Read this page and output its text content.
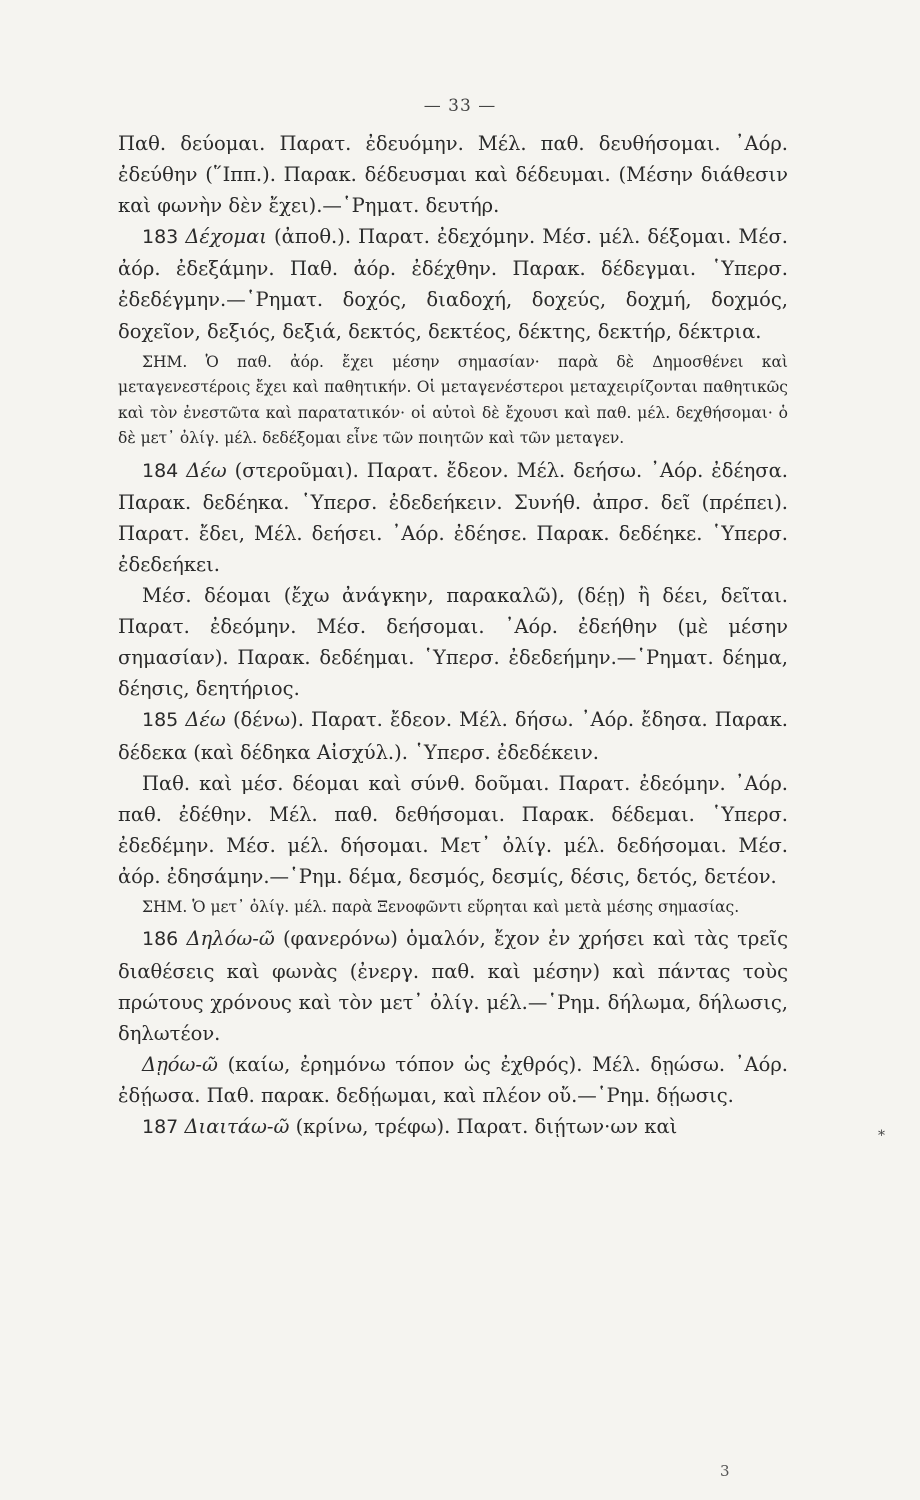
— 33 —

Παθ. δεύομαι. Παρατ. ἐδευόμην. Μέλ. παθ. δευθήσομαι. ᾿Αόρ. ἐδεύθην (῞Ιππ.). Παρακ. δέδευσμαι καὶ δέδευμαι. (Μέσην διάθεσιν καὶ φωνὴν δὲν ἔχει).—῾Ρηματ. δευτήρ.

183 Δέχομαι (ἀποθ.). Παρατ. ἐδεχόμην. Μέσ. μέλ. δέξομαι. Μέσ. ἀόρ. ἐδεξάμην. Παθ. ἀόρ. ἐδέχθην. Παρακ. δέδεγμαι. ῾Υπερσ. ἐδεδέγμην.—῾Ρηματ. δοχός, διαδοχή, δοχεύς, δοχμή, δοχμός, δοχεῖον, δεξιός, δεξιά, δεκτός, δεκτέος, δέκτης, δεκτήρ, δέκτρια.

ΣΗΜ. Ὁ παθ. ἀόρ. ἔχει μέσην σημασίαν· παρὰ δὲ Δημοσθένει καὶ μεταγενεστέροις ἔχει καὶ παθητικήν. Οἱ μεταγενέστεροι μεταχειρίζονται παθητικῶς καὶ τὸν ἐνεστῶτα καὶ παρατατικόν· οἱ αὐτοὶ δὲ ἔχουσι καὶ παθ. μέλ. δεχθήσομαι· ὁ δὲ μετ᾿ ὀλίγ. μέλ. δεδέξομαι εἶνε τῶν ποιητῶν καὶ τῶν μεταγεν.

184 Δέω (στεροῦμαι). Παρατ. ἔδεον. Μέλ. δεήσω. ᾿Αόρ. ἐδέησα. Παρακ. δεδέηκα. ῾Υπερσ. ἐδεδεήκειν. Συνήθ. ἀπρσ. δεῖ (πρέπει). Παρατ. ἔδει, Μέλ. δεήσει. ᾿Αόρ. ἐδέησε. Παρακ. δεδέηκε. ῾Υπερσ. ἐδεδεήκει.

Μέσ. δέομαι (ἔχω ἀνάγκην, παρακαλῶ), (δέῃ) ἢ δέει, δεῖται. Παρατ. ἐδεόμην. Μέσ. δεήσομαι. ᾿Αόρ. ἐδεήθην (μὲ μέσην σημασίαν). Παρακ. δεδέημαι. ῾Υπερσ. ἐδεδεήμην.—῾Ρηματ. δέημα, δέησις, δεητήριος.

185 Δέω (δένω). Παρατ. ἔδεον. Μέλ. δήσω. ᾿Αόρ. ἔδησα. Παρακ. δέδεκα (καὶ δέδηκα Αἰσχύλ.). ῾Υπερσ. ἐδεδέκειν.

Παθ. καὶ μέσ. δέομαι καὶ σύνθ. δοῦμαι. Παρατ. ἐδεόμην. ᾿Αόρ. παθ. ἐδέθην. Μέλ. παθ. δεθήσομαι. Παρακ. δέδεμαι. ῾Υπερσ. ἐδεδέμην. Μέσ. μέλ. δήσομαι. Μετ᾿ ὀλίγ. μέλ. δεδήσομαι. Μέσ. ἀόρ. ἐδησάμην.—῾Ρημ. δέμα, δεσμός, δεσμίς, δέσις, δετός, δετέον.

ΣΗΜ. Ὁ μετ᾿ ὀλίγ. μέλ. παρὰ Ξενοφῶντι εὕρηται καὶ μετὰ μέσης σημασίας.

186 Δηλόω-ῶ (φανερόνω) ὁμαλόν, ἔχον ἐν χρήσει καὶ τὰς τρεῖς διαθέσεις καὶ φωνὰς (ἐνεργ. παθ. καὶ μέσην) καὶ πάντας τοὺς πρώτους χρόνους καὶ τὸν μετ᾿ ὀλίγ. μέλ.—῾Ρημ. δήλωμα, δήλωσις, δηλωτέον.

Δῃόω-ῶ (καίω, ἐρημόνω τόπον ὡς ἐχθρός). Μέλ. δῃώσω. ᾿Αόρ. ἐδῄωσα. Παθ. παρακ. δεδῄωμαι, καὶ πλέον οὔ.—῾Ρημ. δῄωσις.

187 Διαιτάω-ῶ (κρίνω, τρέφω). Παρατ. διῄτων·ων καὶ	*
3
